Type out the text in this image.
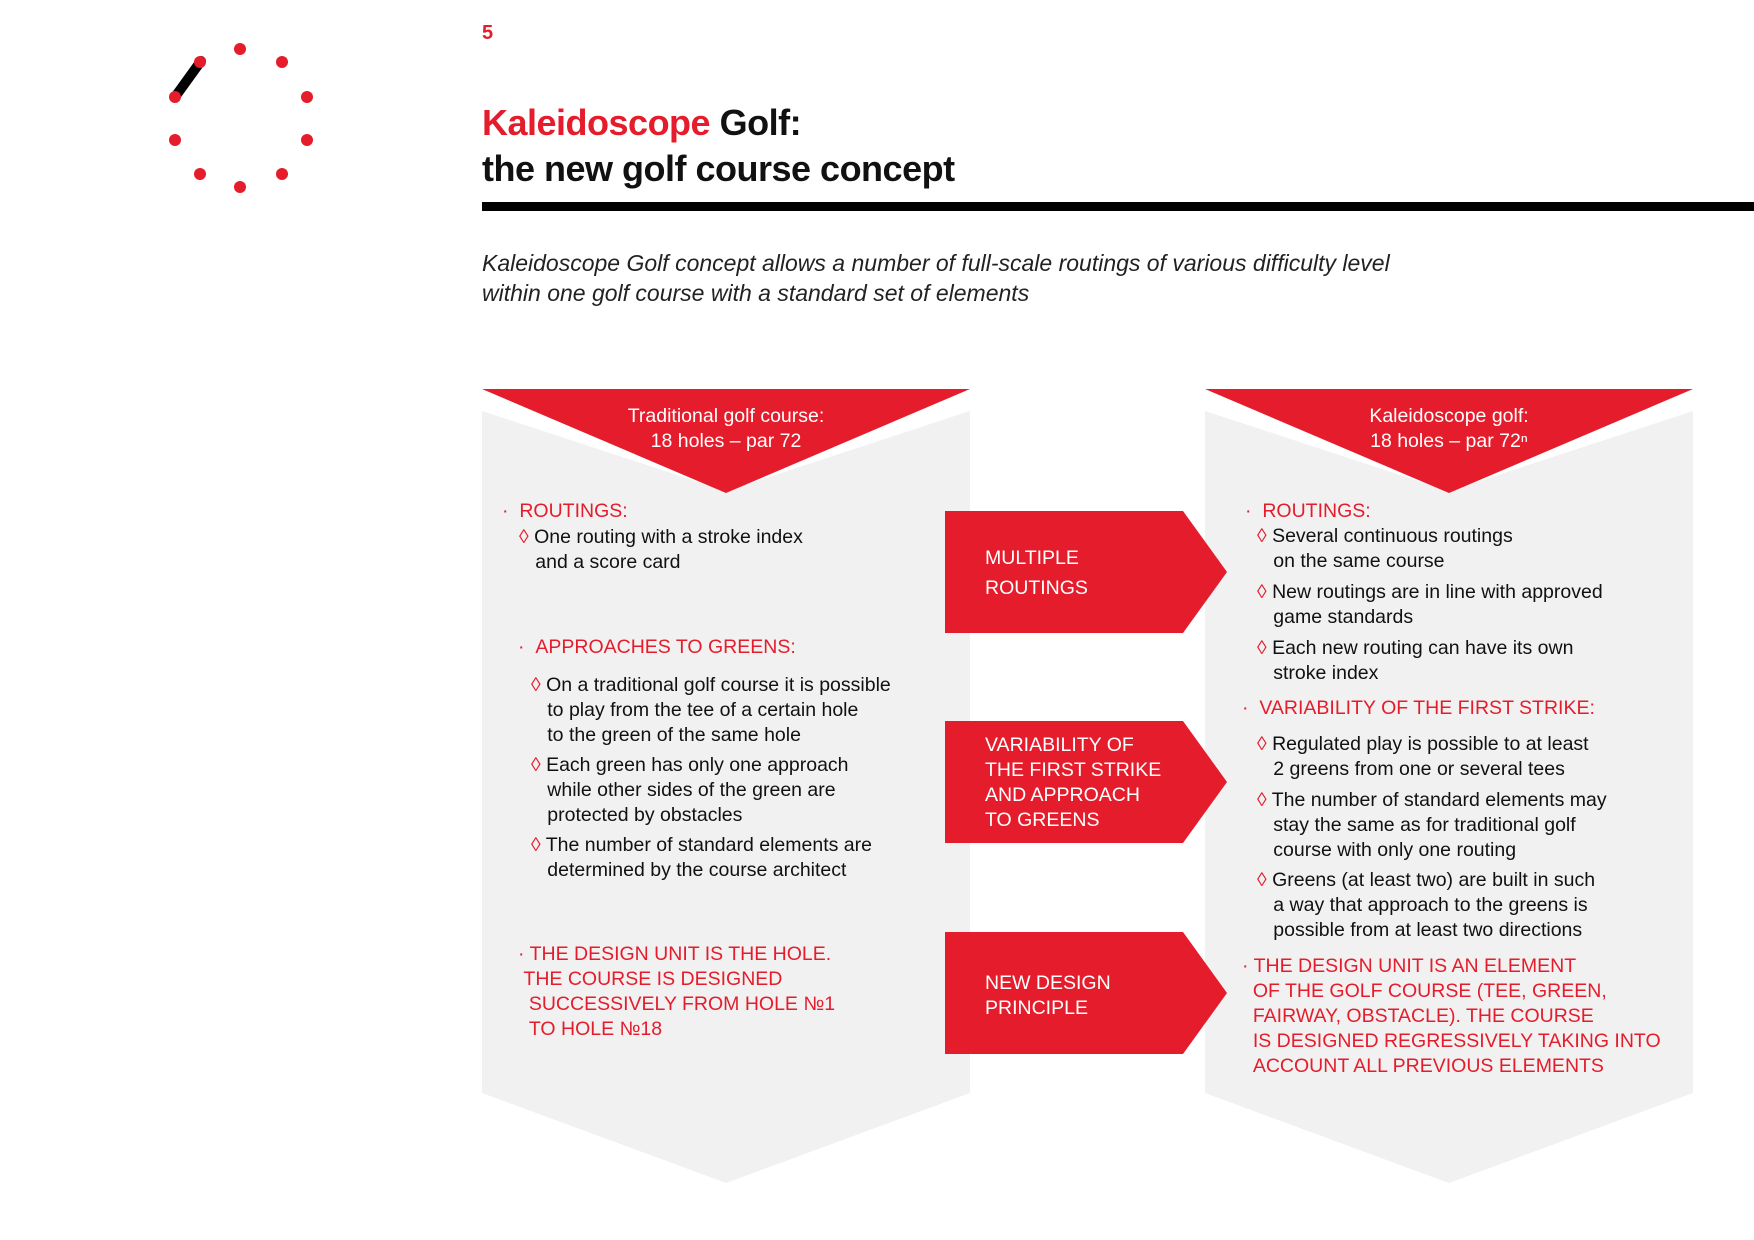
5

Kaleidoscope Golf:
the new golf course concept

Kaleidoscope Golf concept allows a number of full-scale routings of various difficulty level
within one golf course with a standard set of elements

Traditional golf course:
18 holes – par 72

Kaleidoscope golf:
18 holes – par 72ⁿ

· ROUTINGS:

◊ One routing with a stroke index
and a score card

· APPROACHES TO GREENS:

◊ On a traditional golf course it is possible
to play from the tee of a certain hole
to the green of the same hole

◊ Each green has only one approach
while other sides of the green are
protected by obstacles

◊ The number of standard elements are
determined by the course architect

· THE DESIGN UNIT IS THE HOLE.
THE COURSE IS DESIGNED
SUCCESSIVELY FROM HOLE №1
TO HOLE №18

MULTIPLE
ROUTINGS

VARIABILITY OF
THE FIRST STRIKE
AND APPROACH
TO GREENS

NEW DESIGN
PRINCIPLE

· ROUTINGS:

◊ Several continuous routings
on the same course

◊ New routings are in line with approved
game standards

◊ Each new routing can have its own
stroke index

· VARIABILITY OF THE FIRST STRIKE:

◊ Regulated play is possible to at least
2 greens from one or several tees

◊ The number of standard elements may
stay the same as for traditional golf
course with only one routing

◊ Greens (at least two) are built in such
a way that approach to the greens is
possible from at least two directions

· THE DESIGN UNIT IS AN ELEMENT
OF THE GOLF COURSE (TEE, GREEN,
FAIRWAY, OBSTACLE). THE COURSE
IS DESIGNED REGRESSIVELY TAKING INTO
ACCOUNT ALL PREVIOUS ELEMENTS
